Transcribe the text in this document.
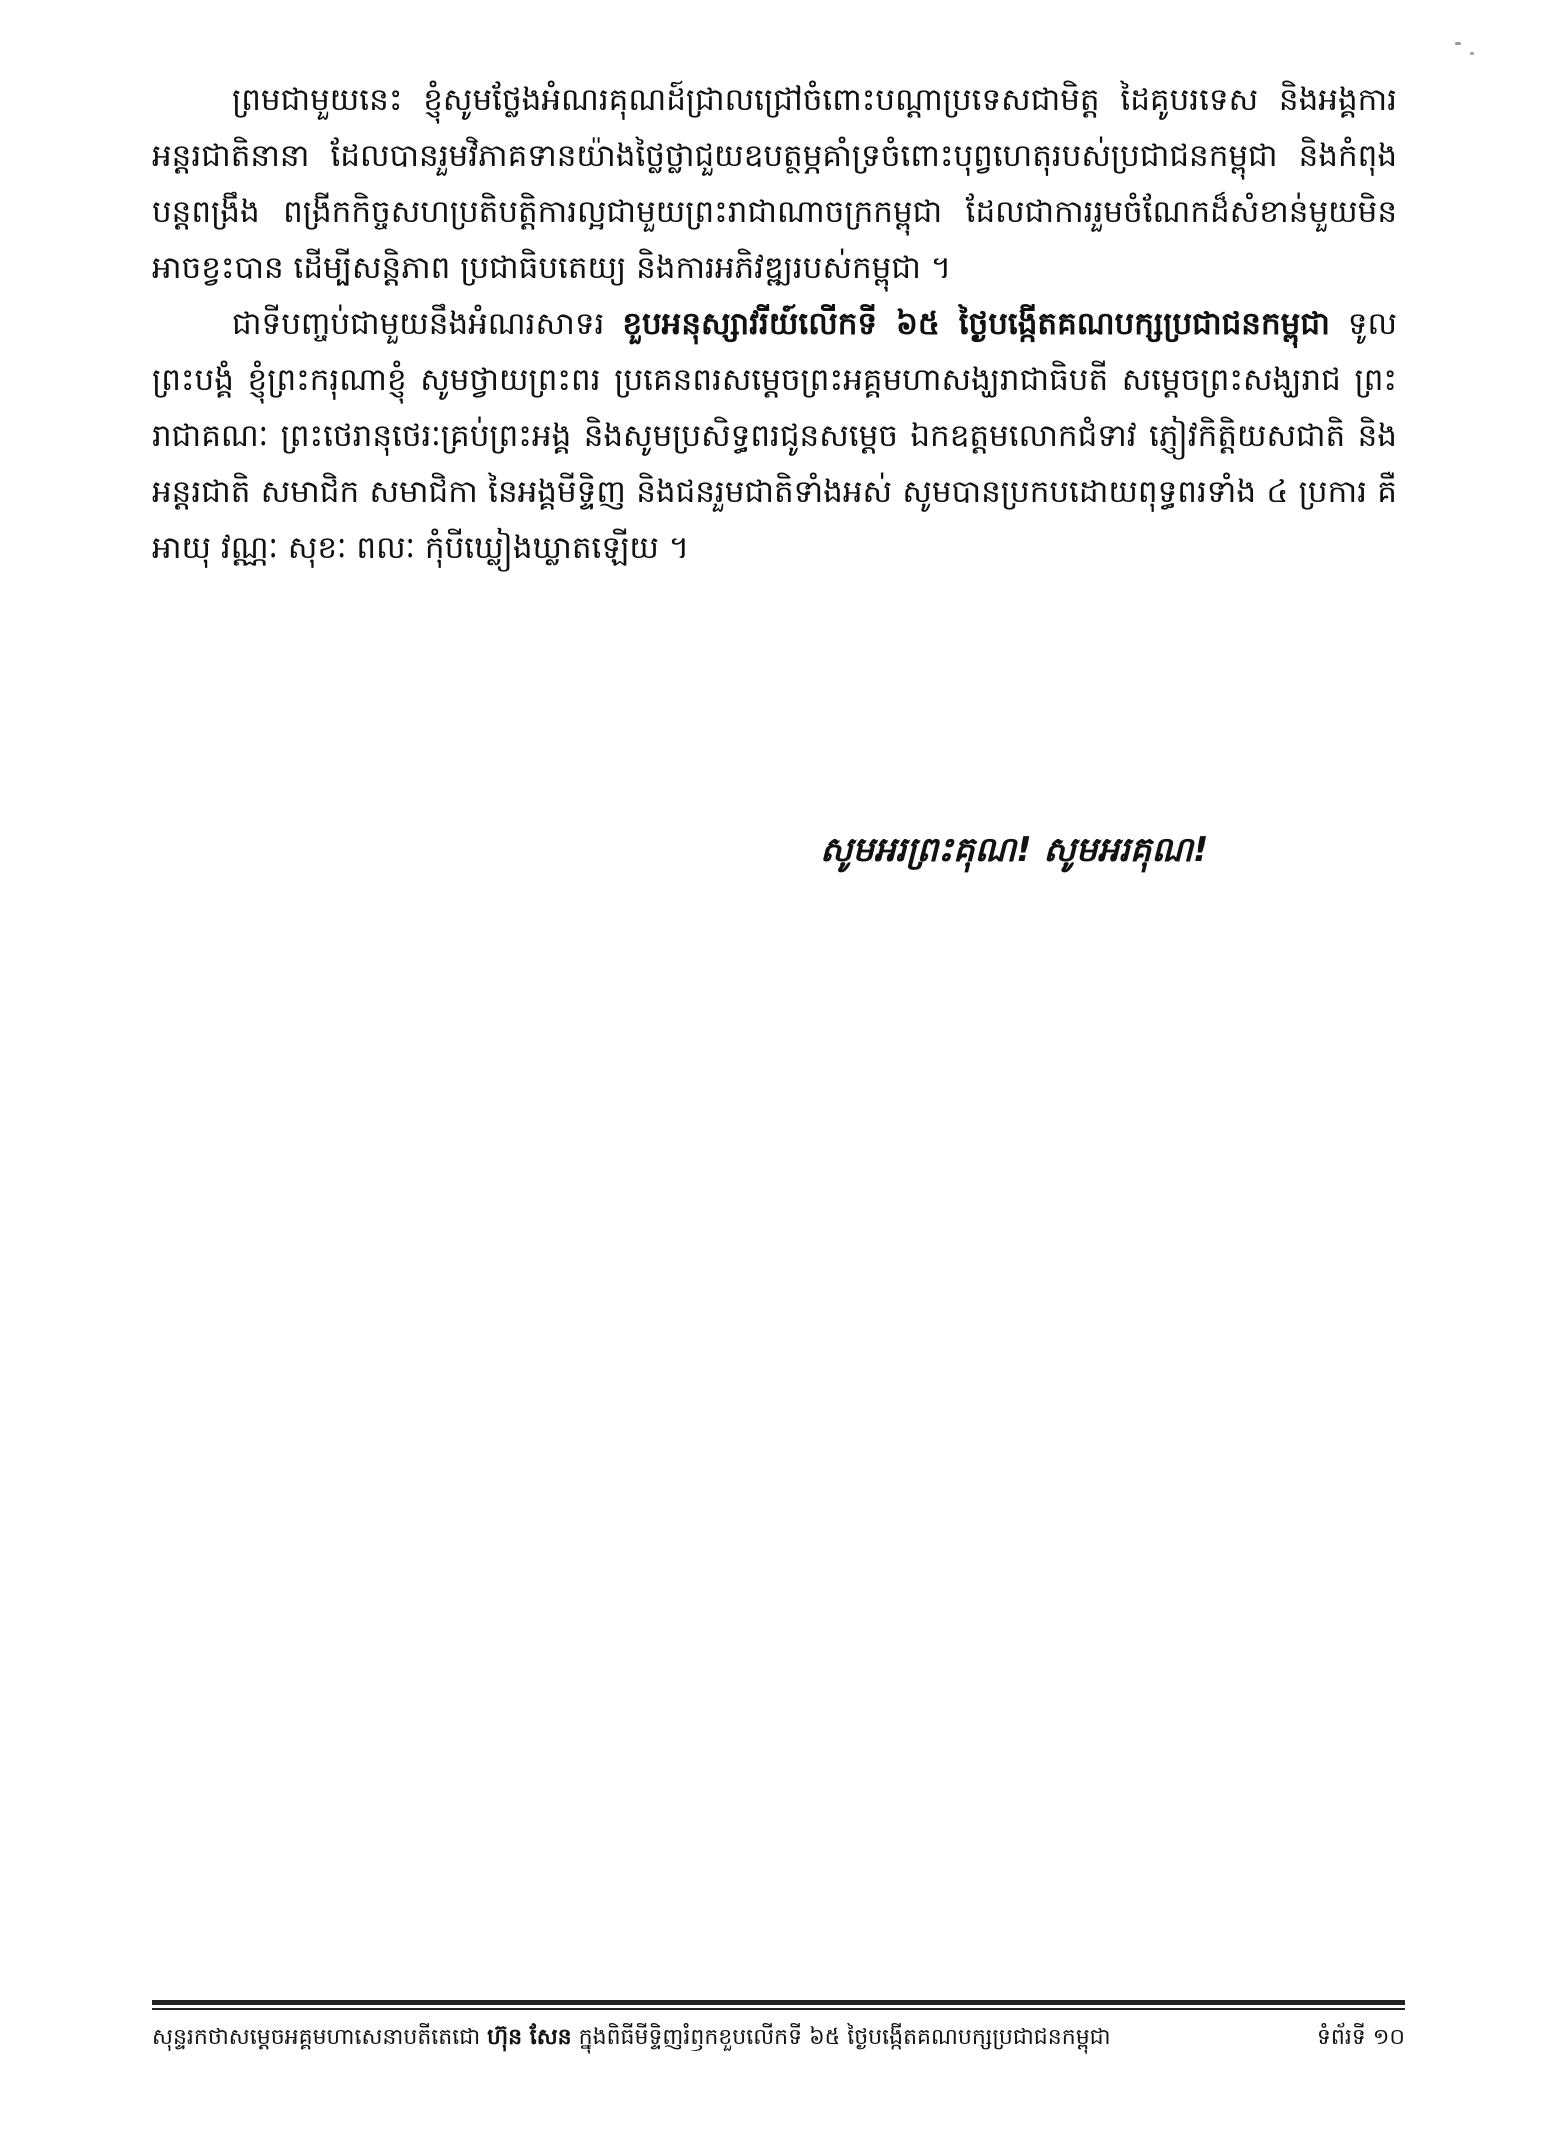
ព្រមជាមួយនេះ ខ្ញុំសូមថ្លែងអំណរគុណដ៍ជ្រាលជ្រៅចំពោះបណ្តាប្រទេសជាមិត្ត ដៃគូបរទេស និងអង្គការអន្តរជាតិនានា ដែលបានរួមវិភាគទានយ៉ាងថ្លៃថ្លាជួយឧបត្ថម្ភគាំទ្រចំពោះបុព្វហេតុរបស់ប្រជាជនកម្ពុជា និងកំពុងបន្តពង្រឹង ពង្រីកកិច្ចសហប្រតិបត្តិការល្អជាមួយព្រះរាជាណាចក្រកម្ពុជា ដែលជាការរួមចំណែកដ៏សំខាន់មួយមិនអាចខ្វះបាន ដើម្បីសន្តិភាព ប្រជាធិបតេយ្យ និងការអភិវឌ្ឍរបស់កម្ពុជា ។

ជាទីបញ្ចប់ជាមួយនឹងអំណរសាទរ ខួបអនុស្សាវរីយ៍លើកទី ៦៥ ថ្ងៃបង្កើតគណបក្សប្រជាជនកម្ពុជា ទូលព្រះបង្គំ ខ្ញុំព្រះករុណាខ្ញុំ សូមថ្វាយព្រះពរ ប្រគេនពរសម្តេចព្រះអគ្គមហាសង្ឃរាជាធិបតី សម្តេចព្រះសង្ឃរាជ ព្រះរាជាគណៈ ព្រះថេរានុថេរៈគ្រប់ព្រះអង្គ និងសូមប្រសិទ្ធពរជូនសម្តេច ឯកឧត្តមលោកជំទាវ ភ្ញៀវកិត្តិយសជាតិ និងអន្តរជាតិ សមាជិក សមាជិកា នៃអង្គមីទ្ទិញ និងជនរួមជាតិទាំងអស់ សូមបានប្រកបដោយពុទ្ធពរទាំង ៤ ប្រការ គឺ អាយុ វណ្ណៈ សុខៈ ពលៈ កុំបីឃ្លៀងឃ្លាតឡើយ ។

សូមអរព្រះគុណ! សូមអរគុណ!
សុន្ទរកថាសម្តេចអគ្គមហាសេនាបតីតេជោ ហ៊ុន សែន ក្នុងពិធីមីទ្ទិញរំឭកខួបលើកទី ៦៥ ថ្ងៃបង្កើតគណបក្សប្រជាជនកម្ពុជា	ទំព័រទី ១០
